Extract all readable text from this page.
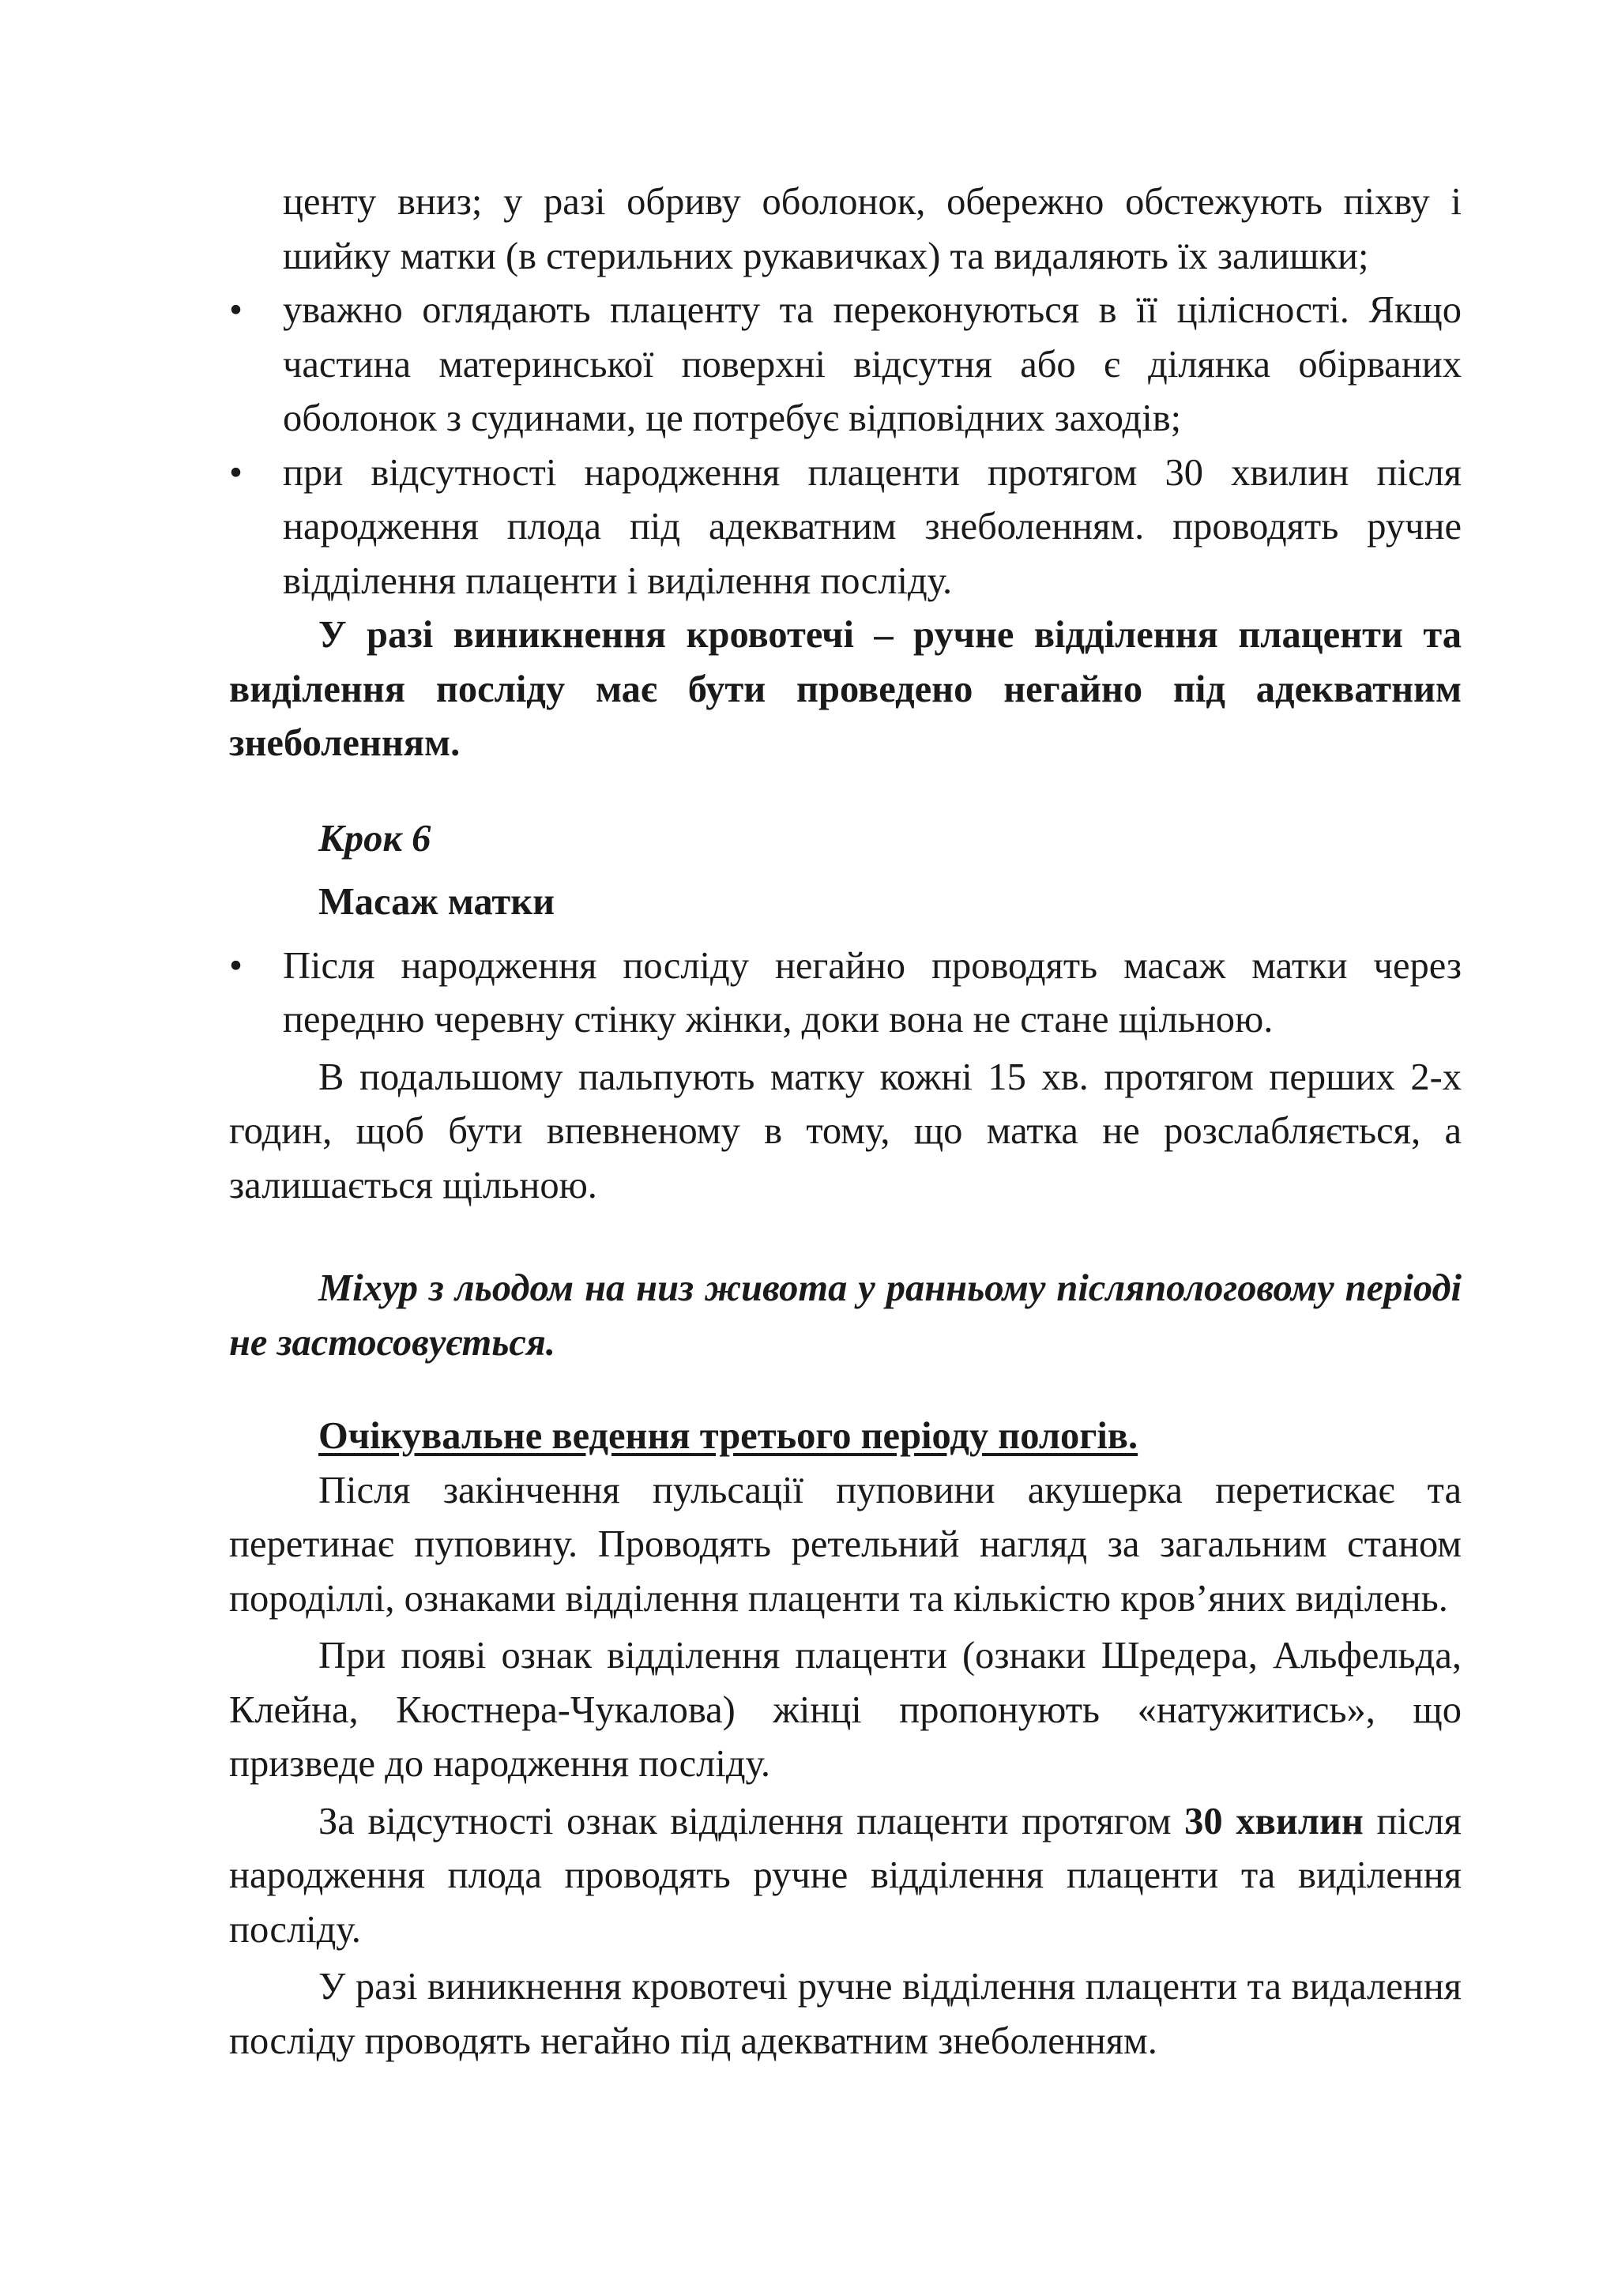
центу вниз; у разі обриву оболонок, обережно обстежують піхву і шийку матки (в стерильних рукавичках) та видаляють їх залишки;

•	уважно оглядають плаценту та переконуються в її цілісності. Якщо частина материнської поверхні відсутня або є ділянка обірваних оболонок з судинами, це потребує відповідних заходів;

•	при відсутності народження плаценти протягом 30 хвилин після народження плода під адекватним знеболенням. проводять ручне відділення плаценти і виділення посліду.

У разі виникнення кровотечі – ручне відділення плаценти та виділення посліду має бути проведено негайно під адекватним знеболенням.

Крок 6

Масаж матки

•	Після народження посліду негайно проводять масаж матки через передню черевну стінку жінки, доки вона не стане щільною.

В подальшому пальпують матку кожні 15 хв. протягом перших 2-х годин, щоб бути впевненому в тому, що матка не розслабляється, а залишається щільною.

Міхур з льодом на низ живота у ранньому післяпологовому періоді не застосовується.

Очікувальне ведення третього періоду пологів.

Після закінчення пульсації пуповини акушерка перетискає та перетинає пуповину. Проводять ретельний нагляд за загальним станом породіллі, ознаками відділення плаценти та кількістю кров’яних виділень.

При появі ознак відділення плаценти (ознаки Шредера, Альфельда, Клейна, Кюстнера-Чукалова) жінці пропонують «натужитись», що призведе до народження посліду.

За відсутності ознак відділення плаценти протягом 30 хвилин після народження плода проводять ручне відділення плаценти та виділення посліду.

У разі виникнення кровотечі ручне відділення плаценти та видалення посліду проводять негайно під адекватним знеболенням.
